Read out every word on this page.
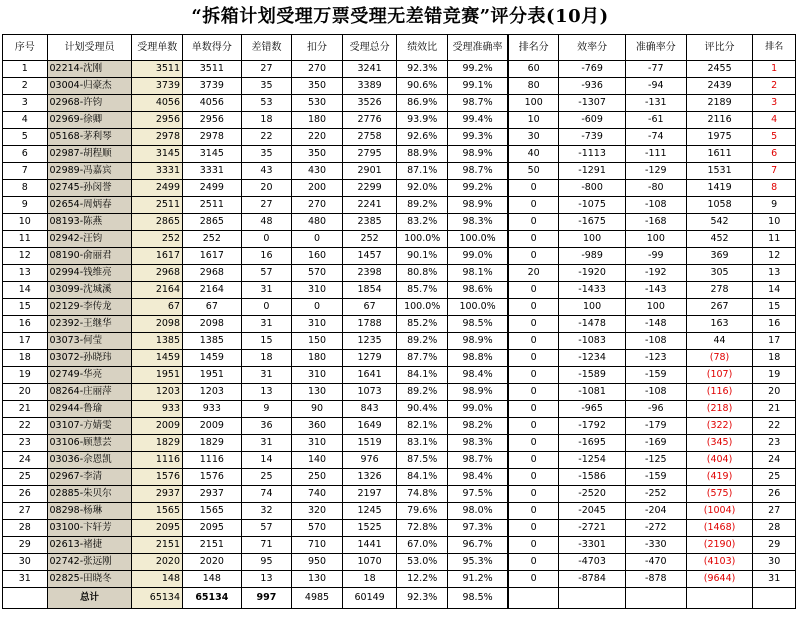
“拆箱计划受理万票受理无差错竞赛”评分表(10月)
序号	计划受理员	受理单数	单数得分	差错数	扣分	受理总分	绩效比	受理准确率	排名分	效率分	准确率分	评比分	排名
1	02214-沈刚	3511	3511	27	270	3241	92.3%	99.2%	60	-769	-77	2455	1
2	03004-归豪杰	3739	3739	35	350	3389	90.6%	99.1%	80	-936	-94	2439	2
3	02968-许钧	4056	4056	53	530	3526	86.9%	98.7%	100	-1307	-131	2189	3
4	02969-徐卿	2956	2956	18	180	2776	93.9%	99.4%	10	-609	-61	2116	4
5	05168-茅利琴	2978	2978	22	220	2758	92.6%	99.3%	30	-739	-74	1975	5
6	02987-胡程顺	3145	3145	35	350	2795	88.9%	98.9%	40	-1113	-111	1611	6
7	02989-冯嘉宾	3331	3331	43	430	2901	87.1%	98.7%	50	-1291	-129	1531	7
8	02745-孙闵誉	2499	2499	20	200	2299	92.0%	99.2%	0	-800	-80	1419	8
9	02654-周炳春	2511	2511	27	270	2241	89.2%	98.9%	0	-1075	-108	1058	9
10	08193-陈燕	2865	2865	48	480	2385	83.2%	98.3%	0	-1675	-168	542	10
11	02942-汪钧	252	252	0	0	252	100.0%	100.0%	0	100	100	452	11
12	08190-俞丽君	1617	1617	16	160	1457	90.1%	99.0%	0	-989	-99	369	12
13	02994-钱维亮	2968	2968	57	570	2398	80.8%	98.1%	20	-1920	-192	305	13
14	03099-沈城溪	2164	2164	31	310	1854	85.7%	98.6%	0	-1433	-143	278	14
15	02129-李传龙	67	67	0	0	67	100.0%	100.0%	0	100	100	267	15
16	02392-王继华	2098	2098	31	310	1788	85.2%	98.5%	0	-1478	-148	163	16
17	03073-何莹	1385	1385	15	150	1235	89.2%	98.9%	0	-1083	-108	44	17
18	03072-孙晓玮	1459	1459	18	180	1279	87.7%	98.8%	0	-1234	-123	(78)	18
19	02749-华亮	1951	1951	31	310	1641	84.1%	98.4%	0	-1589	-159	(107)	19
20	08264-庄丽萍	1203	1203	13	130	1073	89.2%	98.9%	0	-1081	-108	(116)	20
21	02944-鲁瑜	933	933	9	90	843	90.4%	99.0%	0	-965	-96	(218)	21
22	03107-方婧雯	2009	2009	36	360	1649	82.1%	98.2%	0	-1792	-179	(322)	22
23	03106-顾慧芸	1829	1829	31	310	1519	83.1%	98.3%	0	-1695	-169	(345)	23
24	03036-佘恩凯	1116	1116	14	140	976	87.5%	98.7%	0	-1254	-125	(404)	24
25	02967-李清	1576	1576	25	250	1326	84.1%	98.4%	0	-1586	-159	(419)	25
26	02885-朱贝尔	2937	2937	74	740	2197	74.8%	97.5%	0	-2520	-252	(575)	26
27	08298-杨琳	1565	1565	32	320	1245	79.6%	98.0%	0	-2045	-204	(1004)	27
28	03100-卞轩芳	2095	2095	57	570	1525	72.8%	97.3%	0	-2721	-272	(1468)	28
29	02613-褚捷	2151	2151	71	710	1441	67.0%	96.7%	0	-3301	-330	(2190)	29
30	02742-张远刚	2020	2020	95	950	1070	53.0%	95.3%	0	-4703	-470	(4103)	30
31	02825-田晓冬	148	148	13	130	18	12.2%	91.2%	0	-8784	-878	(9644)	31
	总计	65134	65134	997	4985	60149	92.3%	98.5%					
